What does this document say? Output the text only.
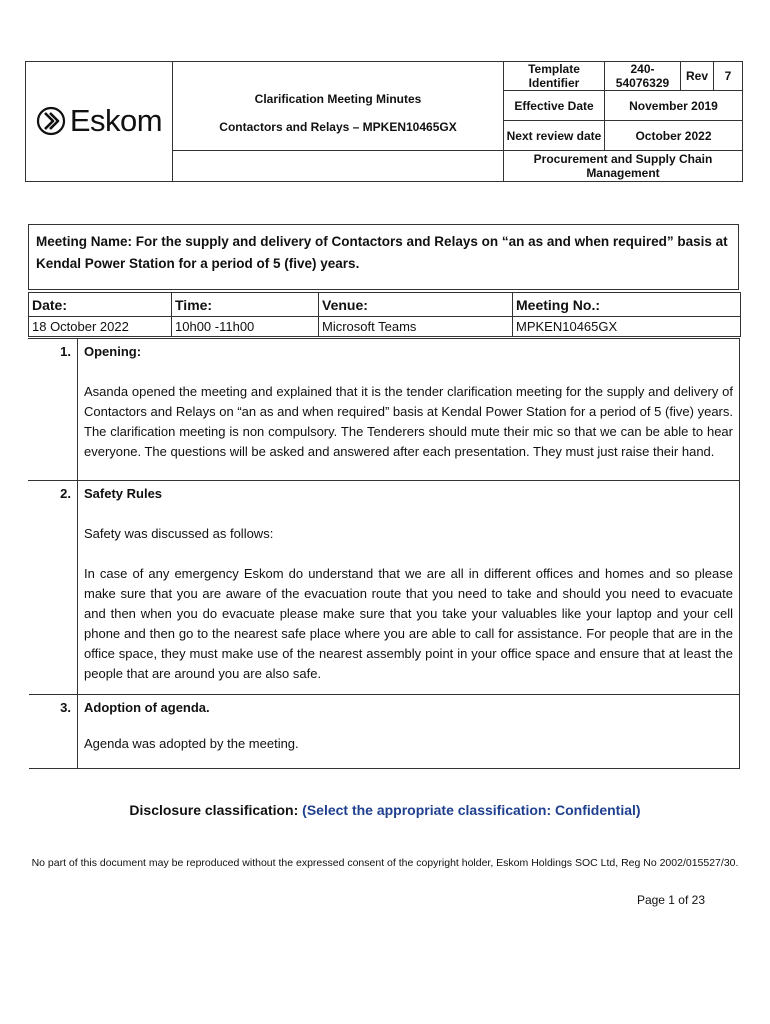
Eskom	Clarification Meeting Minutes
Contactors and Relays – MPKEN10465GX	Template Identifier	240-54076329	Rev	7
		Effective Date	November 2019		
		Next review date	October 2022		
		Procurement and Supply Chain Management			
Meeting Name: For the supply and delivery of Contactors and Relays on “an as and when required” basis at Kendal Power Station for a period of 5 (five) years.
Date:	Time:	Venue:	Meeting No.:
18 October 2022	10h00 -11h00	Microsoft Teams	MPKEN10465GX
1.	Opening:

Asanda opened the meeting and explained that it is the tender clarification meeting for the supply and delivery of Contactors and Relays on “an as and when required” basis at Kendal Power Station for a period of 5 (five) years. The clarification meeting is non compulsory. The Tenderers should mute their mic so that we can be able to hear everyone. The questions will be asked and answered after each presentation. They must just raise their hand.

2.	Safety Rules

Safety was discussed as follows:

In case of any emergency Eskom do understand that we are all in different offices and homes and so please make sure that you are aware of the evacuation route that you need to take and should you need to evacuate and then when you do evacuate please make sure that you take your valuables like your laptop and your cell phone and then go to the nearest safe place where you are able to call for assistance. For people that are in the office space, they must make use of the nearest assembly point in your office space and ensure that at least the people that are around you are also safe.

3.	Adoption of agenda.

Agenda was adopted by the meeting.

Disclosure classification: (Select the appropriate classification: Confidential)
No part of this document may be reproduced without the expressed consent of the copyright holder, Eskom Holdings SOC Ltd, Reg No 2002/015527/30.
Page 1 of 23
